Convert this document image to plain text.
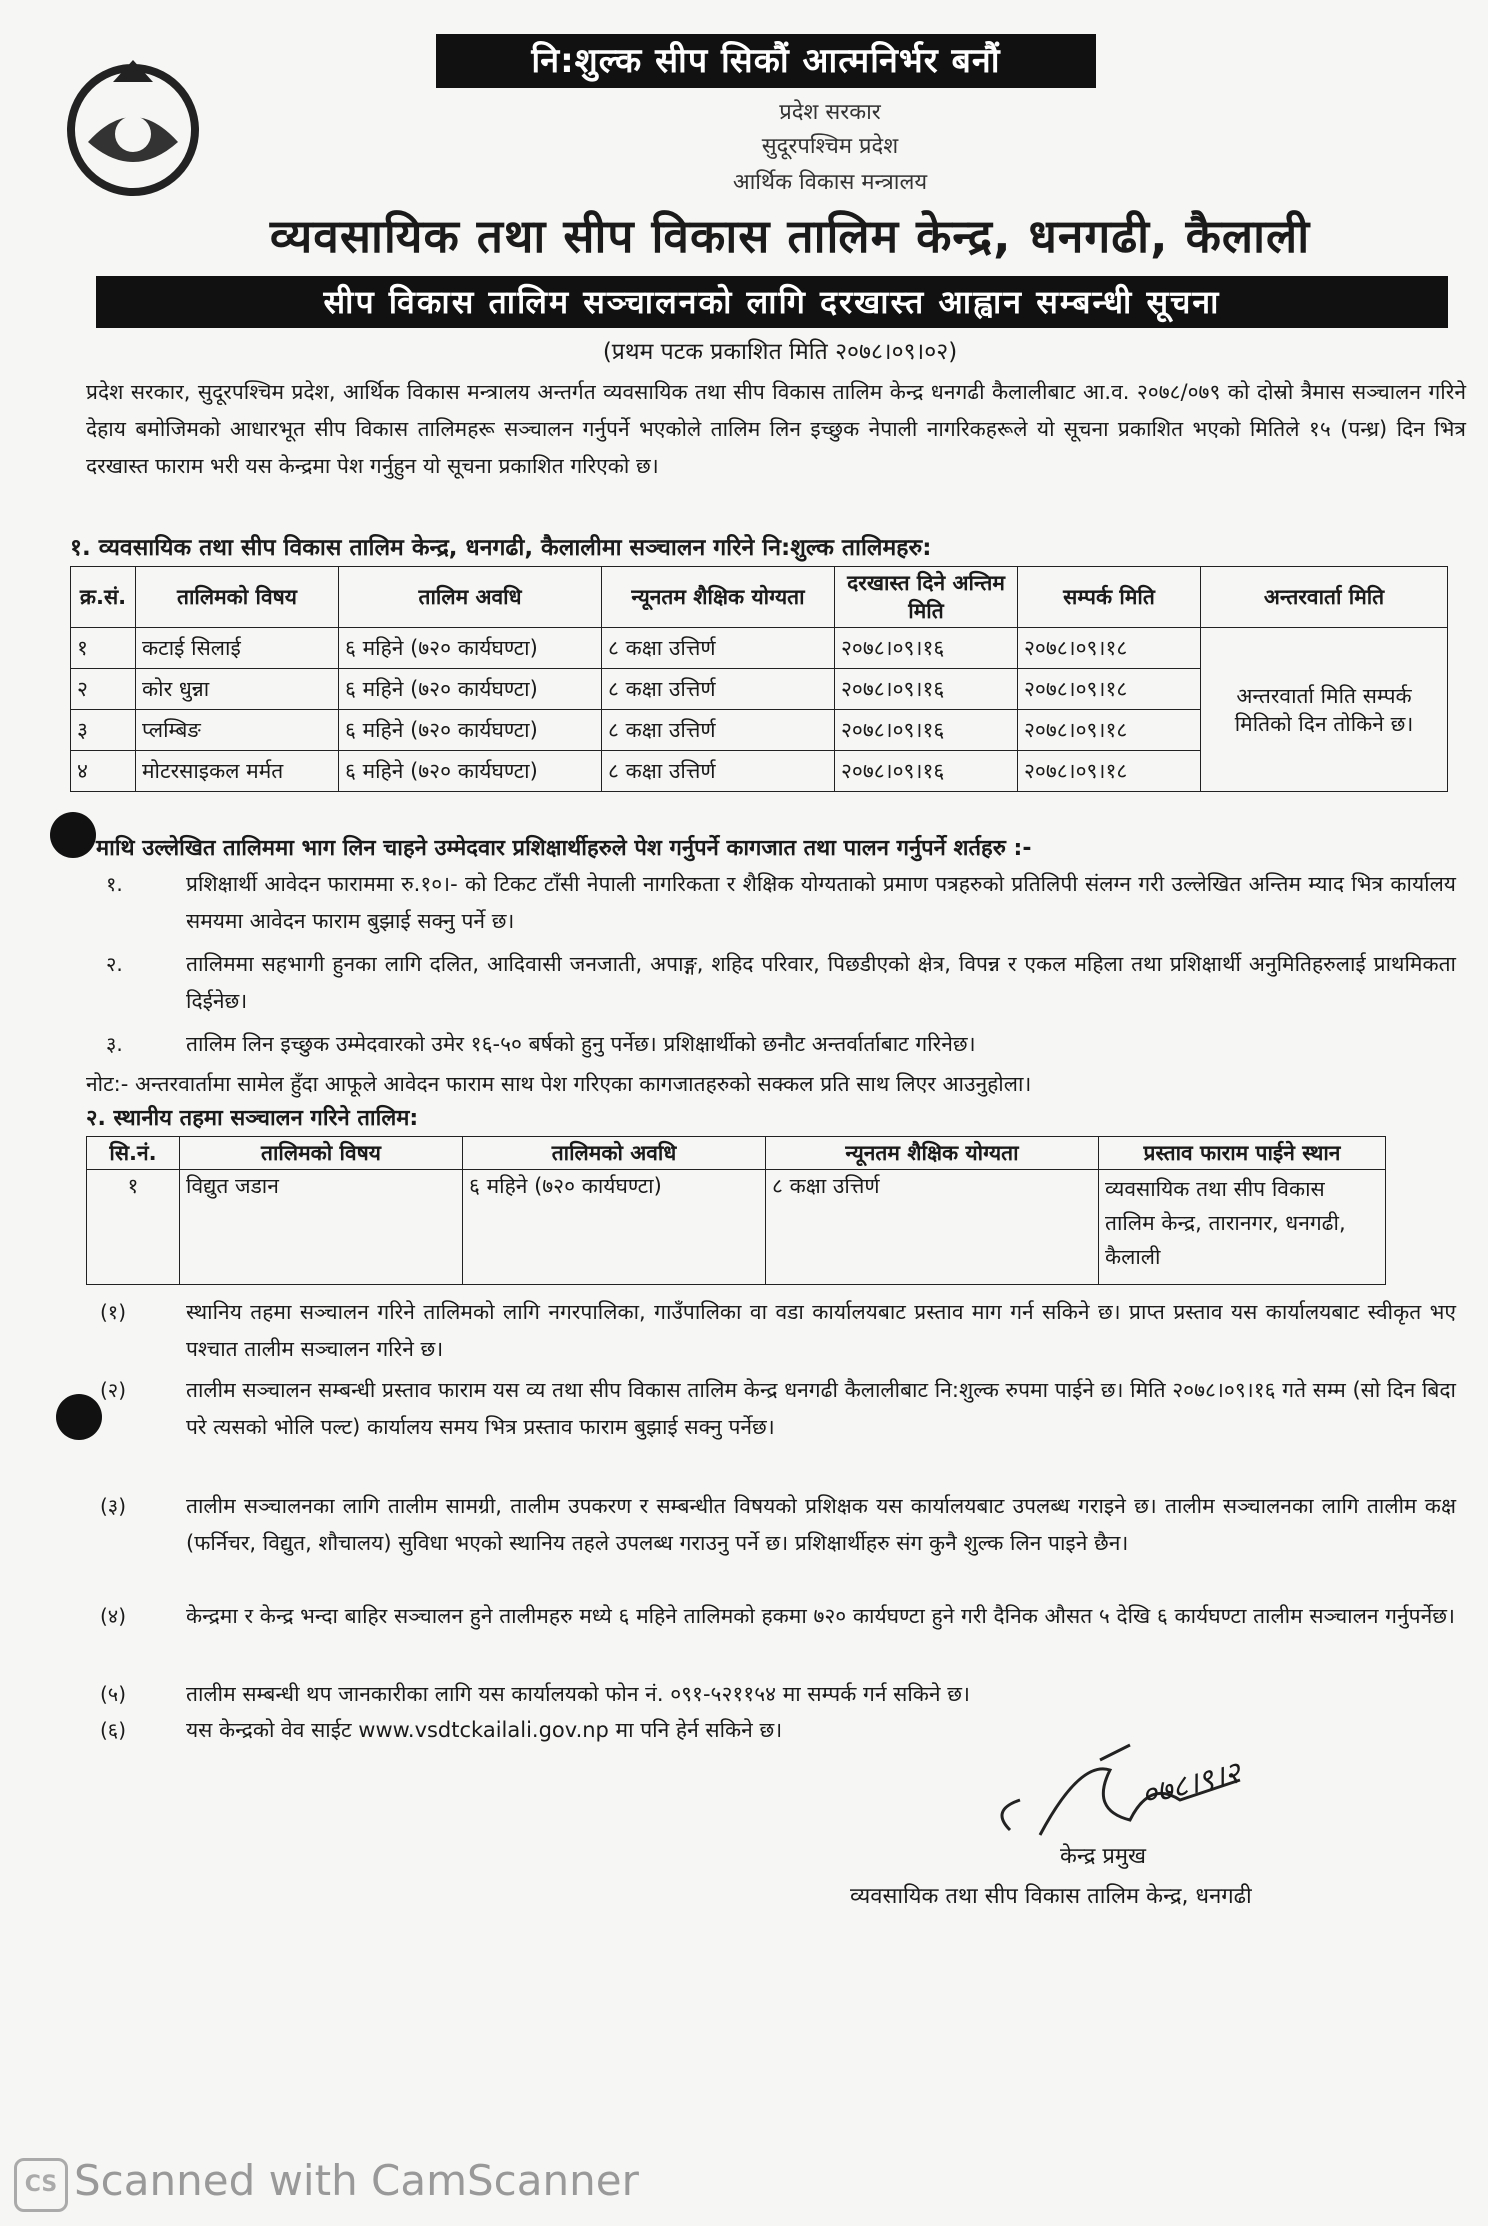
नि:शुल्क सीप सिकौं आत्मनिर्भर बनौं
प्रदेश सरकार
सुदूरपश्चिम प्रदेश
आर्थिक विकास मन्त्रालय
व्यवसायिक तथा सीप विकास तालिम केन्द्र, धनगढी, कैलाली
सीप विकास तालिम सञ्चालनको लागि दरखास्त आह्वान सम्बन्धी सूचना
(प्रथम पटक प्रकाशित मिति २०७८।०९।०२)
प्रदेश सरकार, सुदूरपश्चिम प्रदेश, आर्थिक विकास मन्त्रालय अन्तर्गत व्यवसायिक तथा सीप विकास तालिम केन्द्र धनगढी कैलालीबाट आ.व. २०७८/०७९ को दोस्रो त्रैमास सञ्चालन गरिने देहाय बमोजिमको आधारभूत सीप विकास तालिमहरू सञ्चालन गर्नुपर्ने भएकोले तालिम लिन इच्छुक नेपाली नागरिकहरूले यो सूचना प्रकाशित भएको मितिले १५ (पन्ध्र) दिन भित्र दरखास्त फाराम भरी यस केन्द्रमा पेश गर्नुहुन यो सूचना प्रकाशित गरिएको छ।
१. व्यवसायिक तथा सीप विकास तालिम केन्द्र, धनगढी, कैलालीमा सञ्चालन गरिने नि:शुल्क तालिमहरु:
क्र.सं.	तालिमको विषय	तालिम अवधि	न्यूनतम शैक्षिक योग्यता	दरखास्त दिने अन्तिम मिति	सम्पर्क मिति	अन्तरवार्ता मिति
१	कटाई सिलाई	६ महिने (७२० कार्यघण्टा)	८ कक्षा उत्तिर्ण	२०७८।०९।१६	२०७८।०९।१८	अन्तरवार्ता मिति सम्पर्क मितिको दिन तोकिने छ।
२	कोर धुन्ना	६ महिने (७२० कार्यघण्टा)	८ कक्षा उत्तिर्ण	२०७८।०९।१६	२०७८।०९।१८	
३	प्लम्बिङ	६ महिने (७२० कार्यघण्टा)	८ कक्षा उत्तिर्ण	२०७८।०९।१६	२०७८।०९।१८	
४	मोटरसाइकल मर्मत	६ महिने (७२० कार्यघण्टा)	८ कक्षा उत्तिर्ण	२०७८।०९।१६	२०७८।०९।१८	
माथि उल्लेखित तालिममा भाग लिन चाहने उम्मेदवार प्रशिक्षार्थीहरुले पेश गर्नुपर्ने कागजात तथा पालन गर्नुपर्ने शर्तहरु :-
१.	प्रशिक्षार्थी आवेदन फाराममा रु.१०।- को टिकट टाँसी नेपाली नागरिकता र शैक्षिक योग्यताको प्रमाण पत्रहरुको प्रतिलिपी संलग्न गरी उल्लेखित अन्तिम म्याद भित्र कार्यालय समयमा आवेदन फाराम बुझाई सक्नु पर्ने छ।
२.	तालिममा सहभागी हुनका लागि दलित, आदिवासी जनजाती, अपाङ्ग, शहिद परिवार, पिछडीएको क्षेत्र, विपन्न र एकल महिला तथा प्रशिक्षार्थी अनुमितिहरुलाई प्राथमिकता दिईनेछ।
३.	तालिम लिन इच्छुक उम्मेदवारको उमेर १६-५० बर्षको हुनु पर्नेछ। प्रशिक्षार्थीको छनौट अन्तर्वार्ताबाट गरिनेछ।
नोट:- अन्तरवार्तामा सामेल हुँदा आफूले आवेदन फाराम साथ पेश गरिएका कागजातहरुको सक्कल प्रति साथ लिएर आउनुहोला।
२. स्थानीय तहमा सञ्चालन गरिने तालिम:
सि.नं.	तालिमको विषय	तालिमको अवधि	न्यूनतम शैक्षिक योग्यता	प्रस्ताव फाराम पाईने स्थान
१	विद्युत जडान	६ महिने (७२० कार्यघण्टा)	८ कक्षा उत्तिर्ण	व्यवसायिक तथा सीप विकास तालिम केन्द्र, तारानगर, धनगढी, कैलाली
(१)	स्थानिय तहमा सञ्चालन गरिने तालिमको लागि नगरपालिका, गाउँपालिका वा वडा कार्यालयबाट प्रस्ताव माग गर्न सकिने छ। प्राप्त प्रस्ताव यस कार्यालयबाट स्वीकृत भए पश्चात तालीम सञ्चालन गरिने छ।
(२)	तालीम सञ्चालन सम्बन्धी प्रस्ताव फाराम यस व्य तथा सीप विकास तालिम केन्द्र धनगढी कैलालीबाट नि:शुल्क रुपमा पाईने छ। मिति २०७८।०९।१६ गते सम्म (सो दिन बिदा परे त्यसको भोलि पल्ट) कार्यालय समय भित्र प्रस्ताव फाराम बुझाई सक्नु पर्नेछ।
(३)	तालीम सञ्चालनका लागि तालीम सामग्री, तालीम उपकरण र सम्बन्धीत विषयको प्रशिक्षक यस कार्यालयबाट उपलब्ध गराइने छ। तालीम सञ्चालनका लागि तालीम कक्ष (फर्निचर, विद्युत, शौचालय) सुविधा भएको स्थानिय तहले उपलब्ध गराउनु पर्ने छ। प्रशिक्षार्थीहरु संग कुनै शुल्क लिन पाइने छैन।
(४)	केन्द्रमा र केन्द्र भन्दा बाहिर सञ्चालन हुने तालीमहरु मध्ये ६ महिने तालिमको हकमा ७२० कार्यघण्टा हुने गरी दैनिक औसत ५ देखि ६ कार्यघण्टा तालीम सञ्चालन गर्नुपर्नेछ।
(५)	तालीम सम्बन्धी थप जानकारीका लागि यस कार्यालयको फोन नं. ०९१-५२११५४ मा सम्पर्क गर्न सकिने छ।
(६)	यस केन्द्रको वेव साईट www.vsdtckailali.gov.np मा पनि हेर्न सकिने छ।
०७८।९।२
केन्द्र प्रमुख
व्यवसायिक तथा सीप विकास तालिम केन्द्र, धनगढी
CS Scanned with CamScanner
